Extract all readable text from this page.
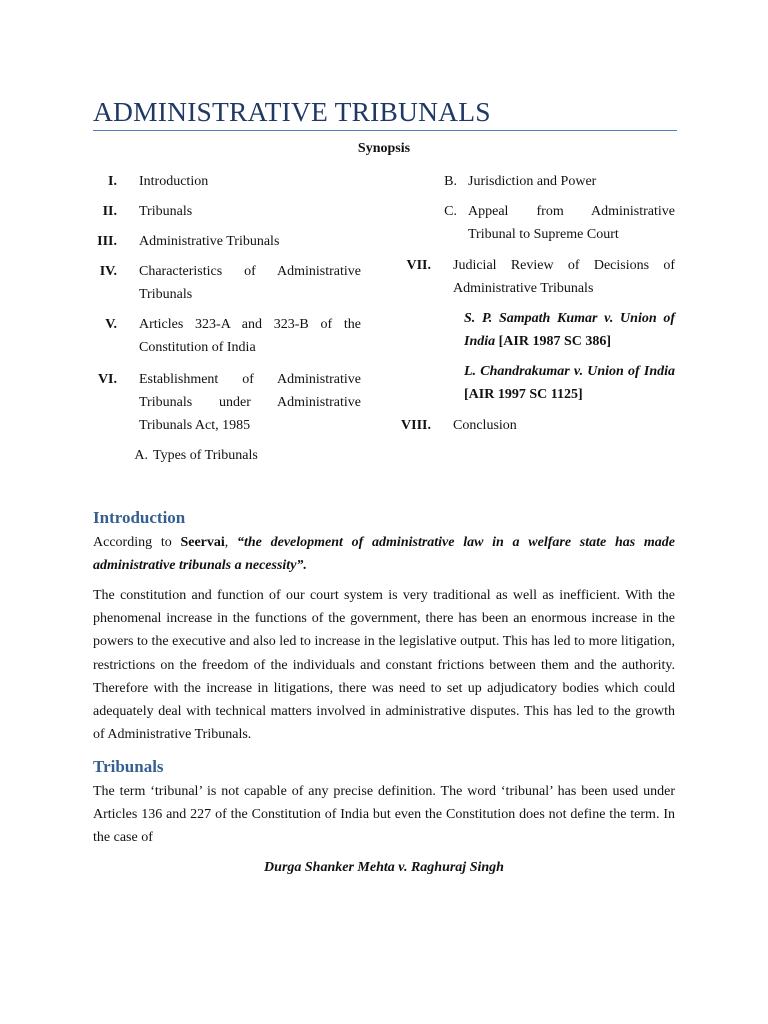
ADMINISTRATIVE TRIBUNALS
Synopsis
I. Introduction
II. Tribunals
III. Administrative Tribunals
IV. Characteristics of Administrative Tribunals
V. Articles 323-A and 323-B of the Constitution of India
VI. Establishment of Administrative Tribunals under Administrative Tribunals Act, 1985
A. Types of Tribunals
B. Jurisdiction and Power
C. Appeal from Administrative Tribunal to Supreme Court
VII. Judicial Review of Decisions of Administrative Tribunals
S. P. Sampath Kumar v. Union of India [AIR 1987 SC 386]
L. Chandrakumar v. Union of India [AIR 1997 SC 1125]
VIII. Conclusion
Introduction
According to Seervai, “the development of administrative law in a welfare state has made administrative tribunals a necessity”.
The constitution and function of our court system is very traditional as well as inefficient. With the phenomenal increase in the functions of the government, there has been an enormous increase in the powers to the executive and also led to increase in the legislative output. This has led to more litigation, restrictions on the freedom of the individuals and constant frictions between them and the authority. Therefore with the increase in litigations, there was need to set up adjudicatory bodies which could adequately deal with technical matters involved in administrative disputes. This has led to the growth of Administrative Tribunals.
Tribunals
The term ‘tribunal’ is not capable of any precise definition. The word ‘tribunal’ has been used under Articles 136 and 227 of the Constitution of India but even the Constitution does not define the term. In the case of
Durga Shanker Mehta v. Raghuraj Singh
